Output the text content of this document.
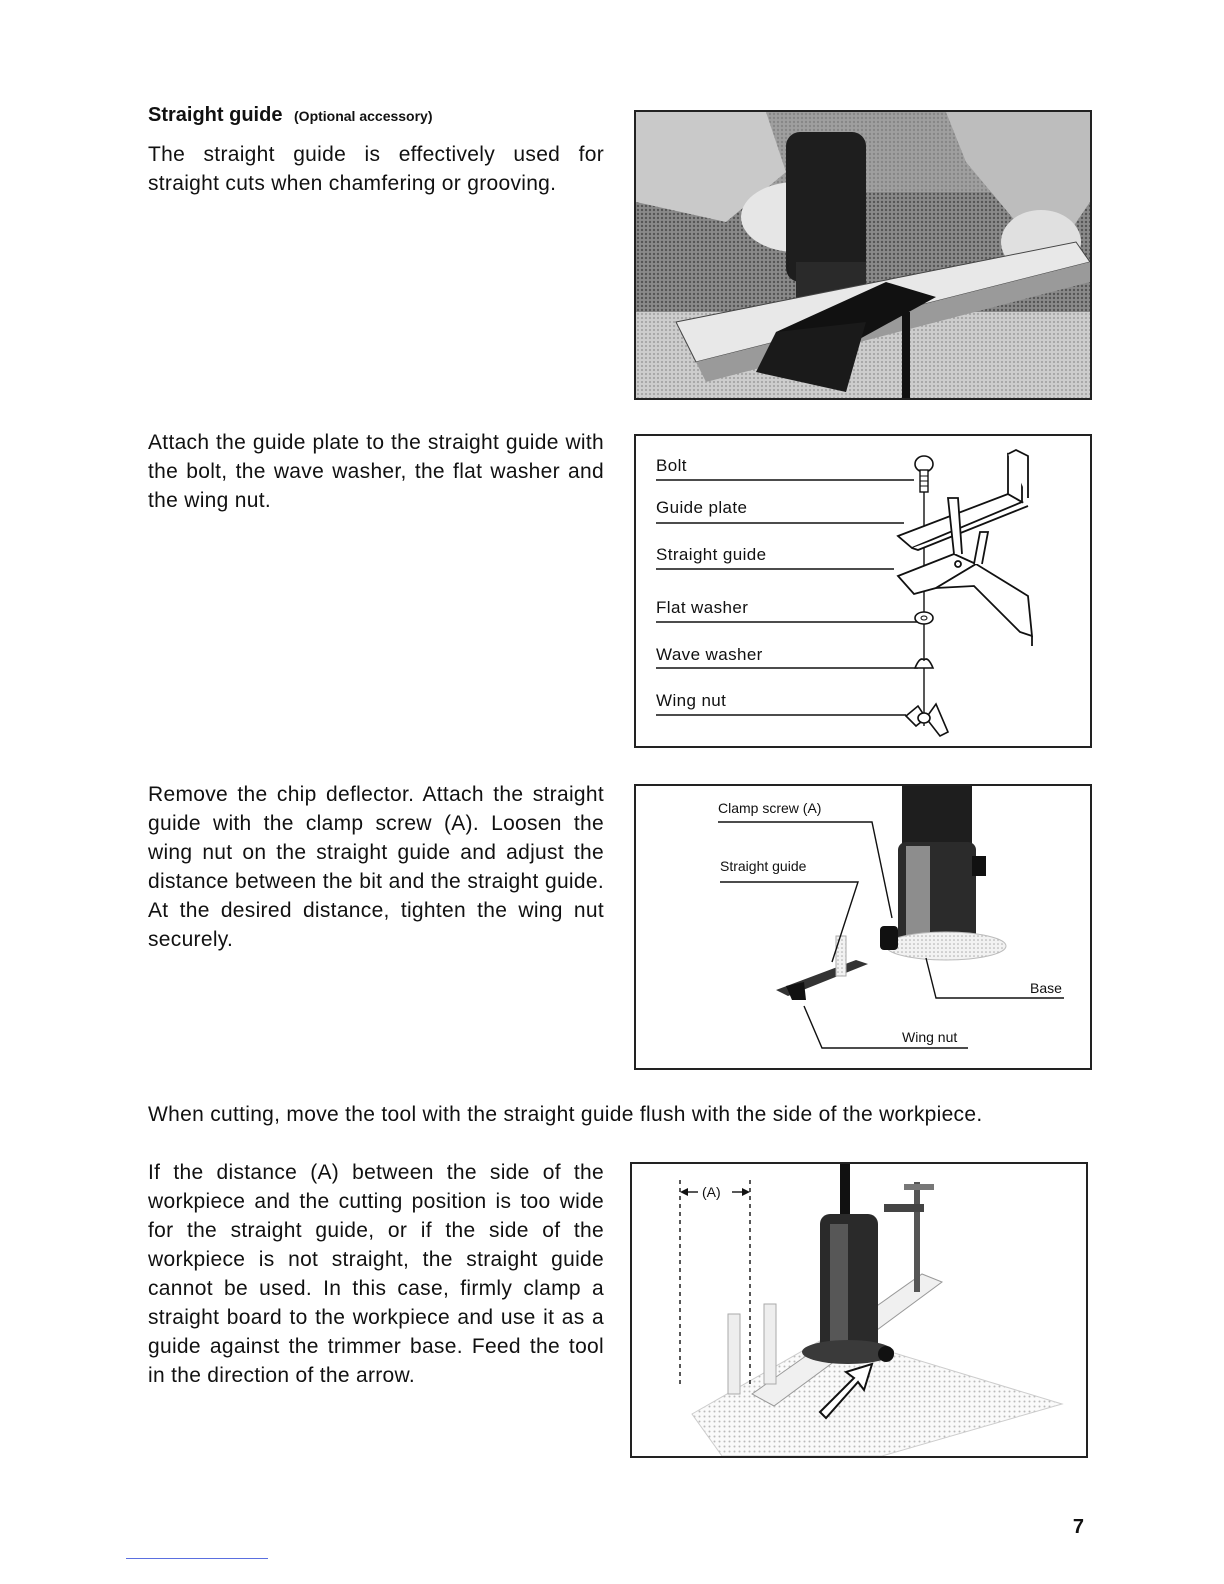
Straight guide (Optional accessory)
The straight guide is effectively used for straight cuts when chamfering or grooving.
Attach the guide plate to the straight guide with the bolt, the wave washer, the flat washer and the wing nut.
Bolt
Guide plate
Straight guide
Flat washer
Wave washer
Wing nut
Remove the chip deflector. Attach the straight guide with the clamp screw (A). Loosen the wing nut on the straight guide and adjust the distance between the bit and the straight guide. At the desired distance, tighten the wing nut securely.
Clamp screw (A)
Straight guide
Base
Wing nut
When cutting, move the tool with the straight guide flush with the side of the workpiece.
If the distance (A) between the side of the workpiece and the cutting position is too wide for the straight guide, or if the side of the workpiece is not straight, the straight guide cannot be used. In this case, firmly clamp a straight board to the workpiece and use it as a guide against the trimmer base. Feed the tool in the direction of the arrow.
(A)
7
